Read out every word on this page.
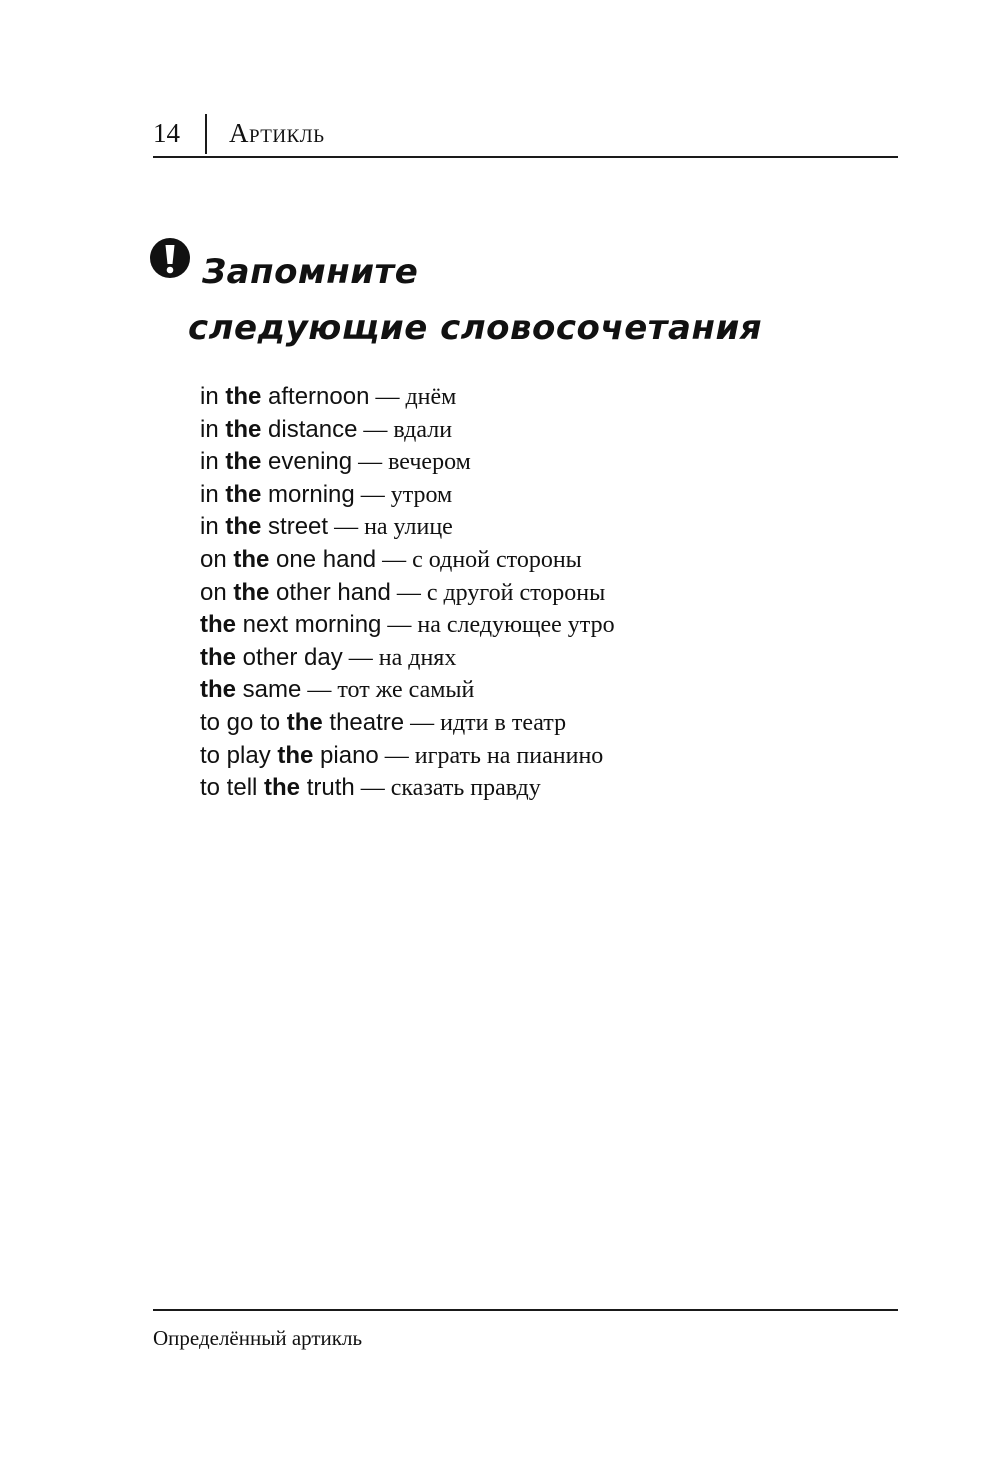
14 Артикль
Запомните
следующие словосочетания
in the afternoon — днём
in the distance — вдали
in the evening — вечером
in the morning — утром
in the street — на улице
on the one hand — с одной стороны
on the other hand — с другой стороны
the next morning — на следующее утро
the other day — на днях
the same — тот же самый
to go to the theatre — идти в театр
to play the piano — играть на пианино
to tell the truth — сказать правду
Определённый артикль
